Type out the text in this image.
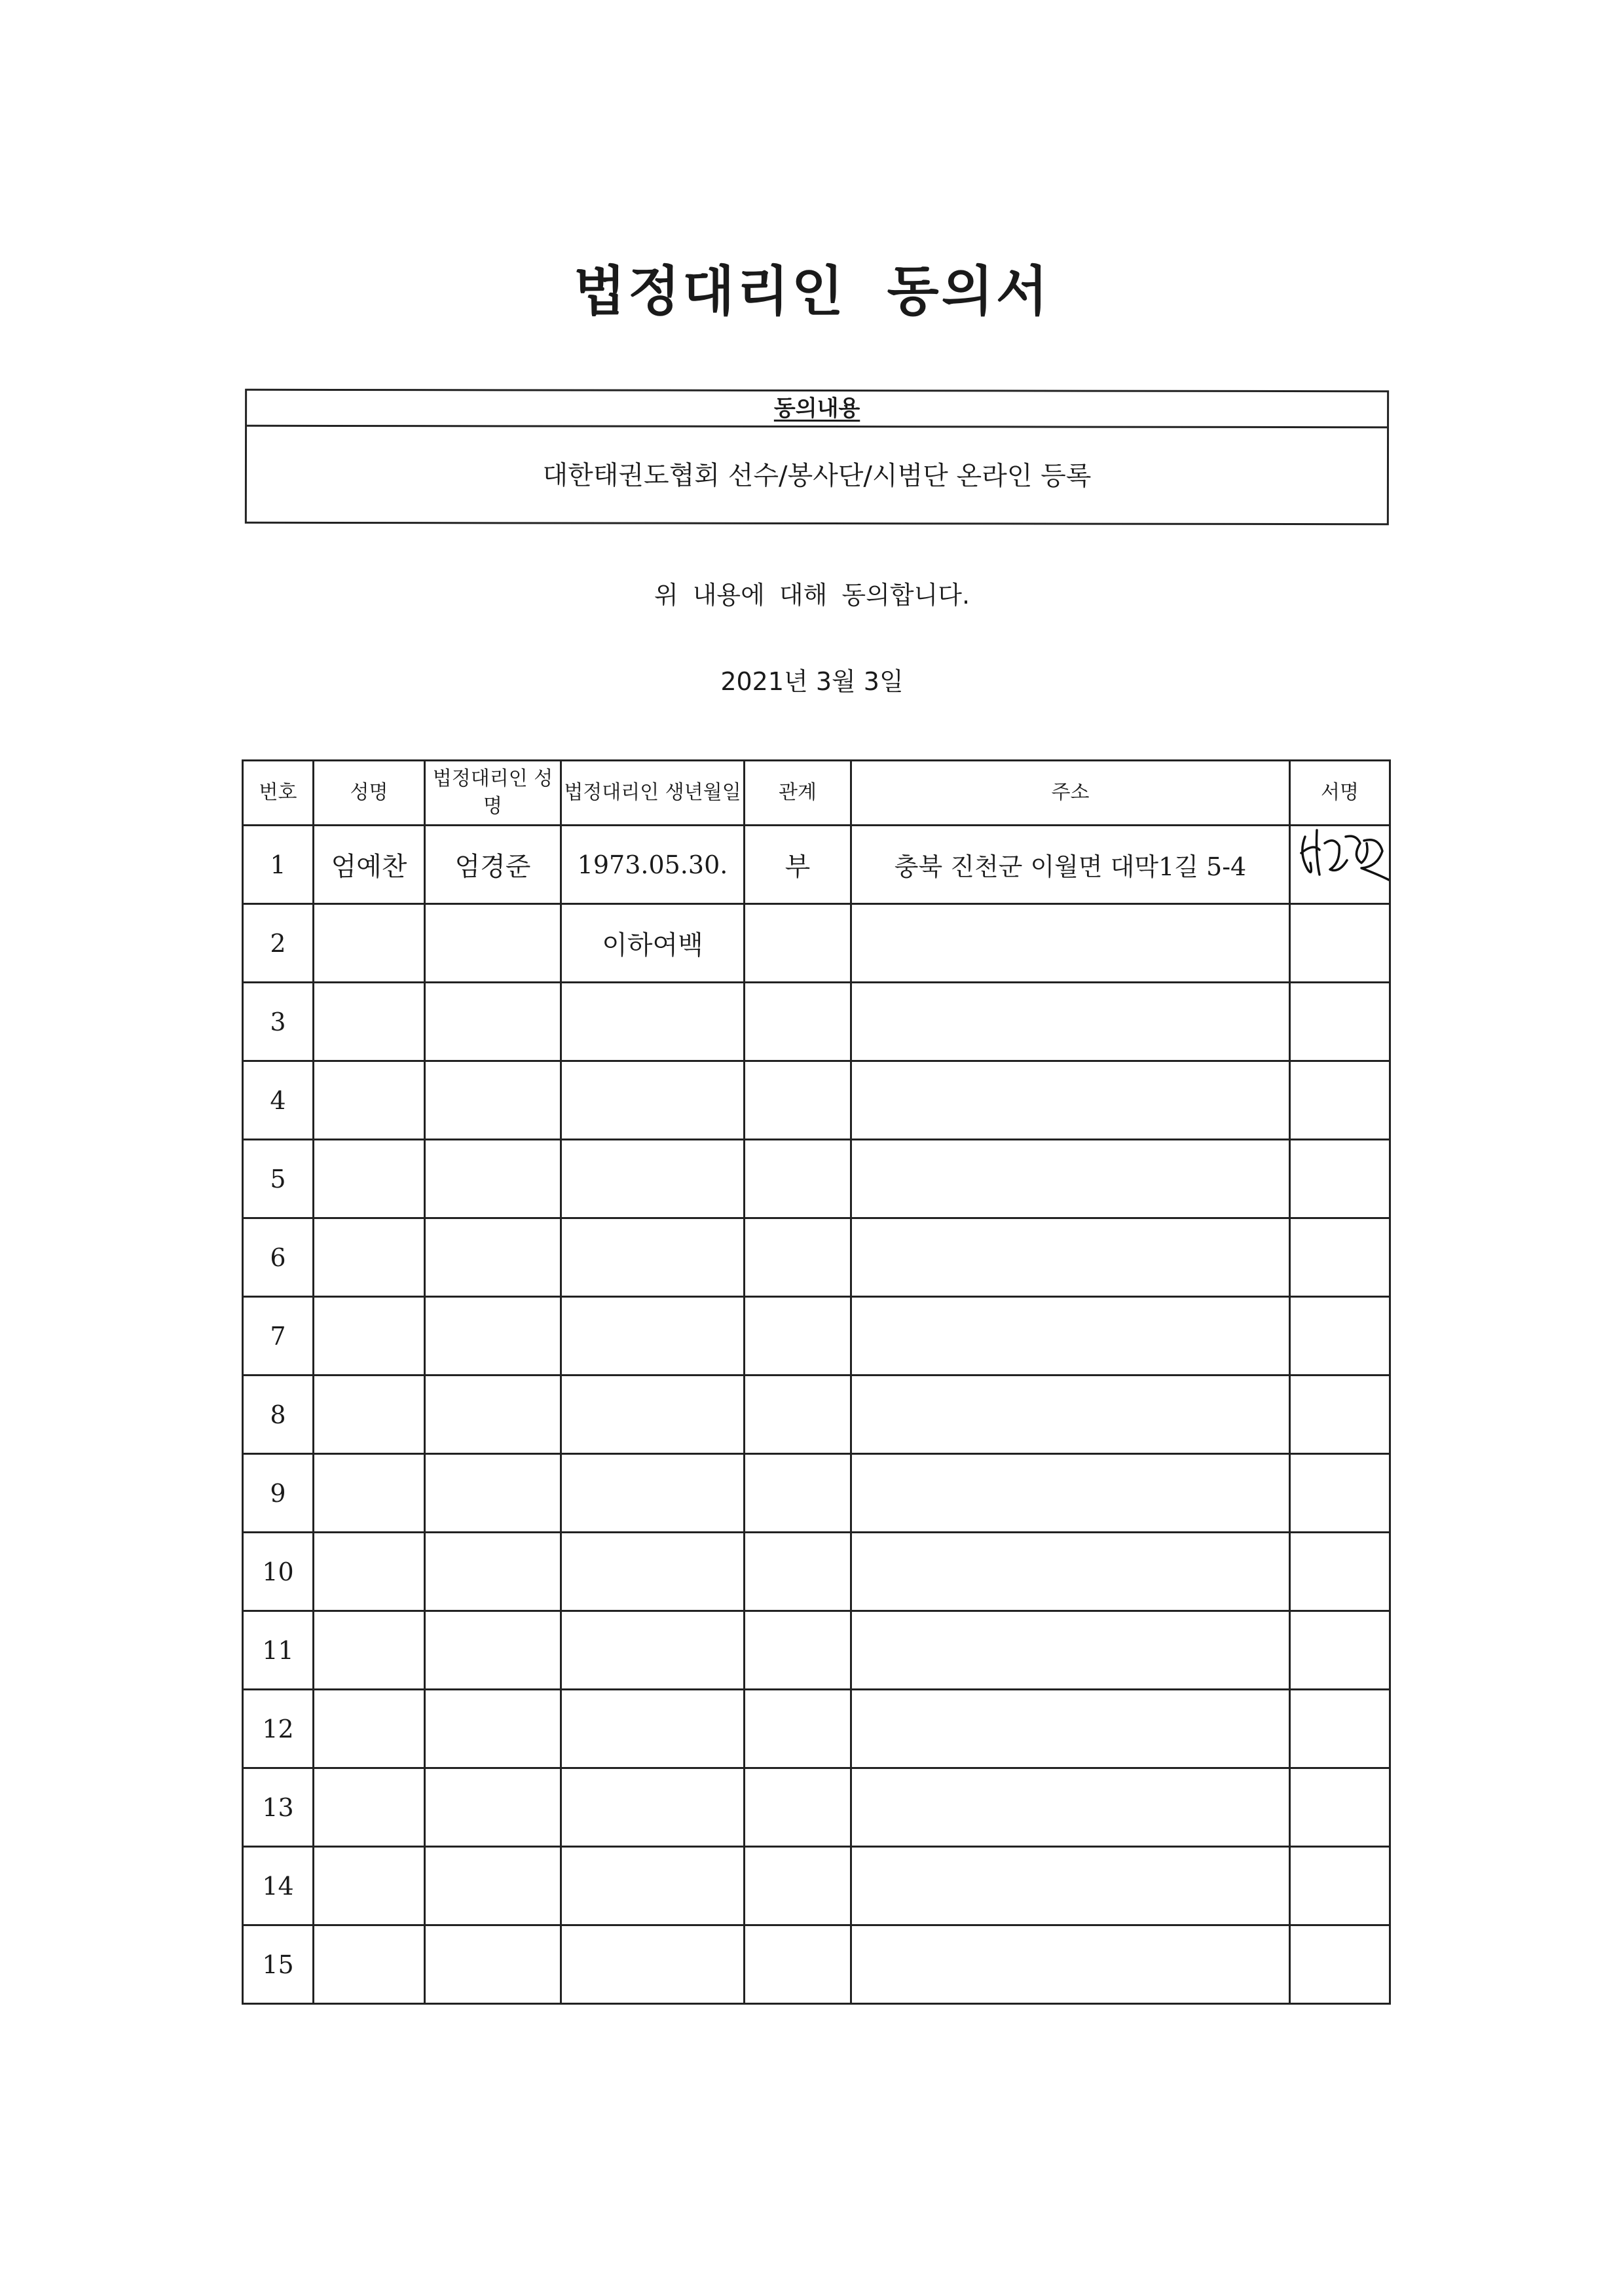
법정대리인 동의서
동의내용
대한태권도협회 선수/봉사단/시범단 온라인 등록
위 내용에 대해 동의합니다.
2021년 3월 3일
번호	성명	법정대리인 성명	법정대리인 생년월일	관계	주소	서명
1	엄예찬	엄경준	1973.05.30.	부	충북 진천군 이월면 대막1길 5-4	

2			이하여백			
3						
4						
5						
6						
7						
8						
9						
10						
11						
12						
13						
14						
15						
